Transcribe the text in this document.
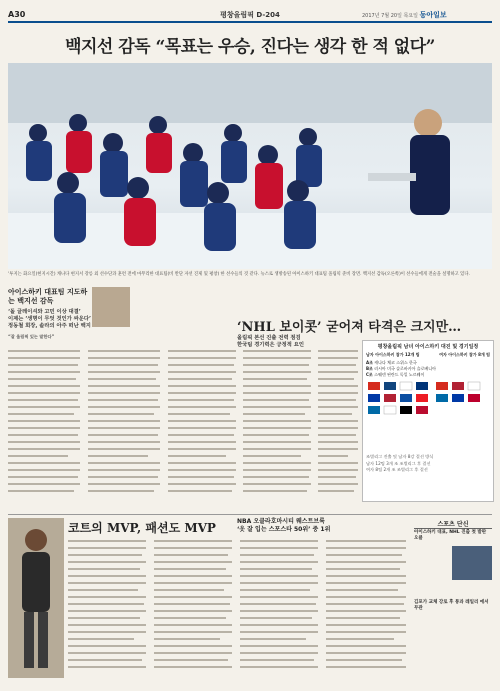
A30	평창올림픽 D-204	2017년 7월 20일 목요일 동아일보
백지선 감독 “목표는 우승, 진다는 생각 한 적 없다”
‘투지는 화요일(현지시간) 캐나다 현지서 강릉 외 선수단과 훈련 전에 마무리한 대표팀(비 반단 자선 진제 및 평창) 한 선수들의 것 같다. 뉴스로 생방송된 아이스하키 대표팀 올림픽 준비 장면. 백지선 감독(오른쪽)이 선수들에게 전술을 설명하고 있다.
아이스하키 대표팀 지도하는 백지선 감독
‘돌 글레이셔와 고민 이상 대결’
이제는 ‘생명이 무엇 것인가 싸운다’
정동철 회장, 솔라의 아주 떠난 백지
“잘 올림픽 있는 말한다”
‘NHL 보이콧’ 굳어져 타격은 크지만…
올림픽 본선 진출 전력 점검
한국팀 경기력은 긍정적 요인	평창올림픽 남녀 아이스하키 대진 및 경기일정
남자 아이스하키 참가 12개 팀	여자 아이스하키 참가 8개 팀
A조 캐나다 체코 스위스 한국
B조 러시아 미국 슬로바키아 슬로베니아
C조 스웨덴 핀란드 독일 노르웨이
조별리그 진출 및 남자 8강 결선 방식
남자 12팀 3개 조 조별리그 후 결선
여자 8팀 2개 조 조별리그 후 결선
코트의 MVP, 패션도 MVP	NBA 오클라호마시티 웨스트브룩
‘옷 잘 입는 스포스타 50위’ 중 1위
스포츠 단신
아이스하키 대표, NHL 진출 첫 발판 오클
김포가 교체 강로 후 통과 레일리 에서 무관
